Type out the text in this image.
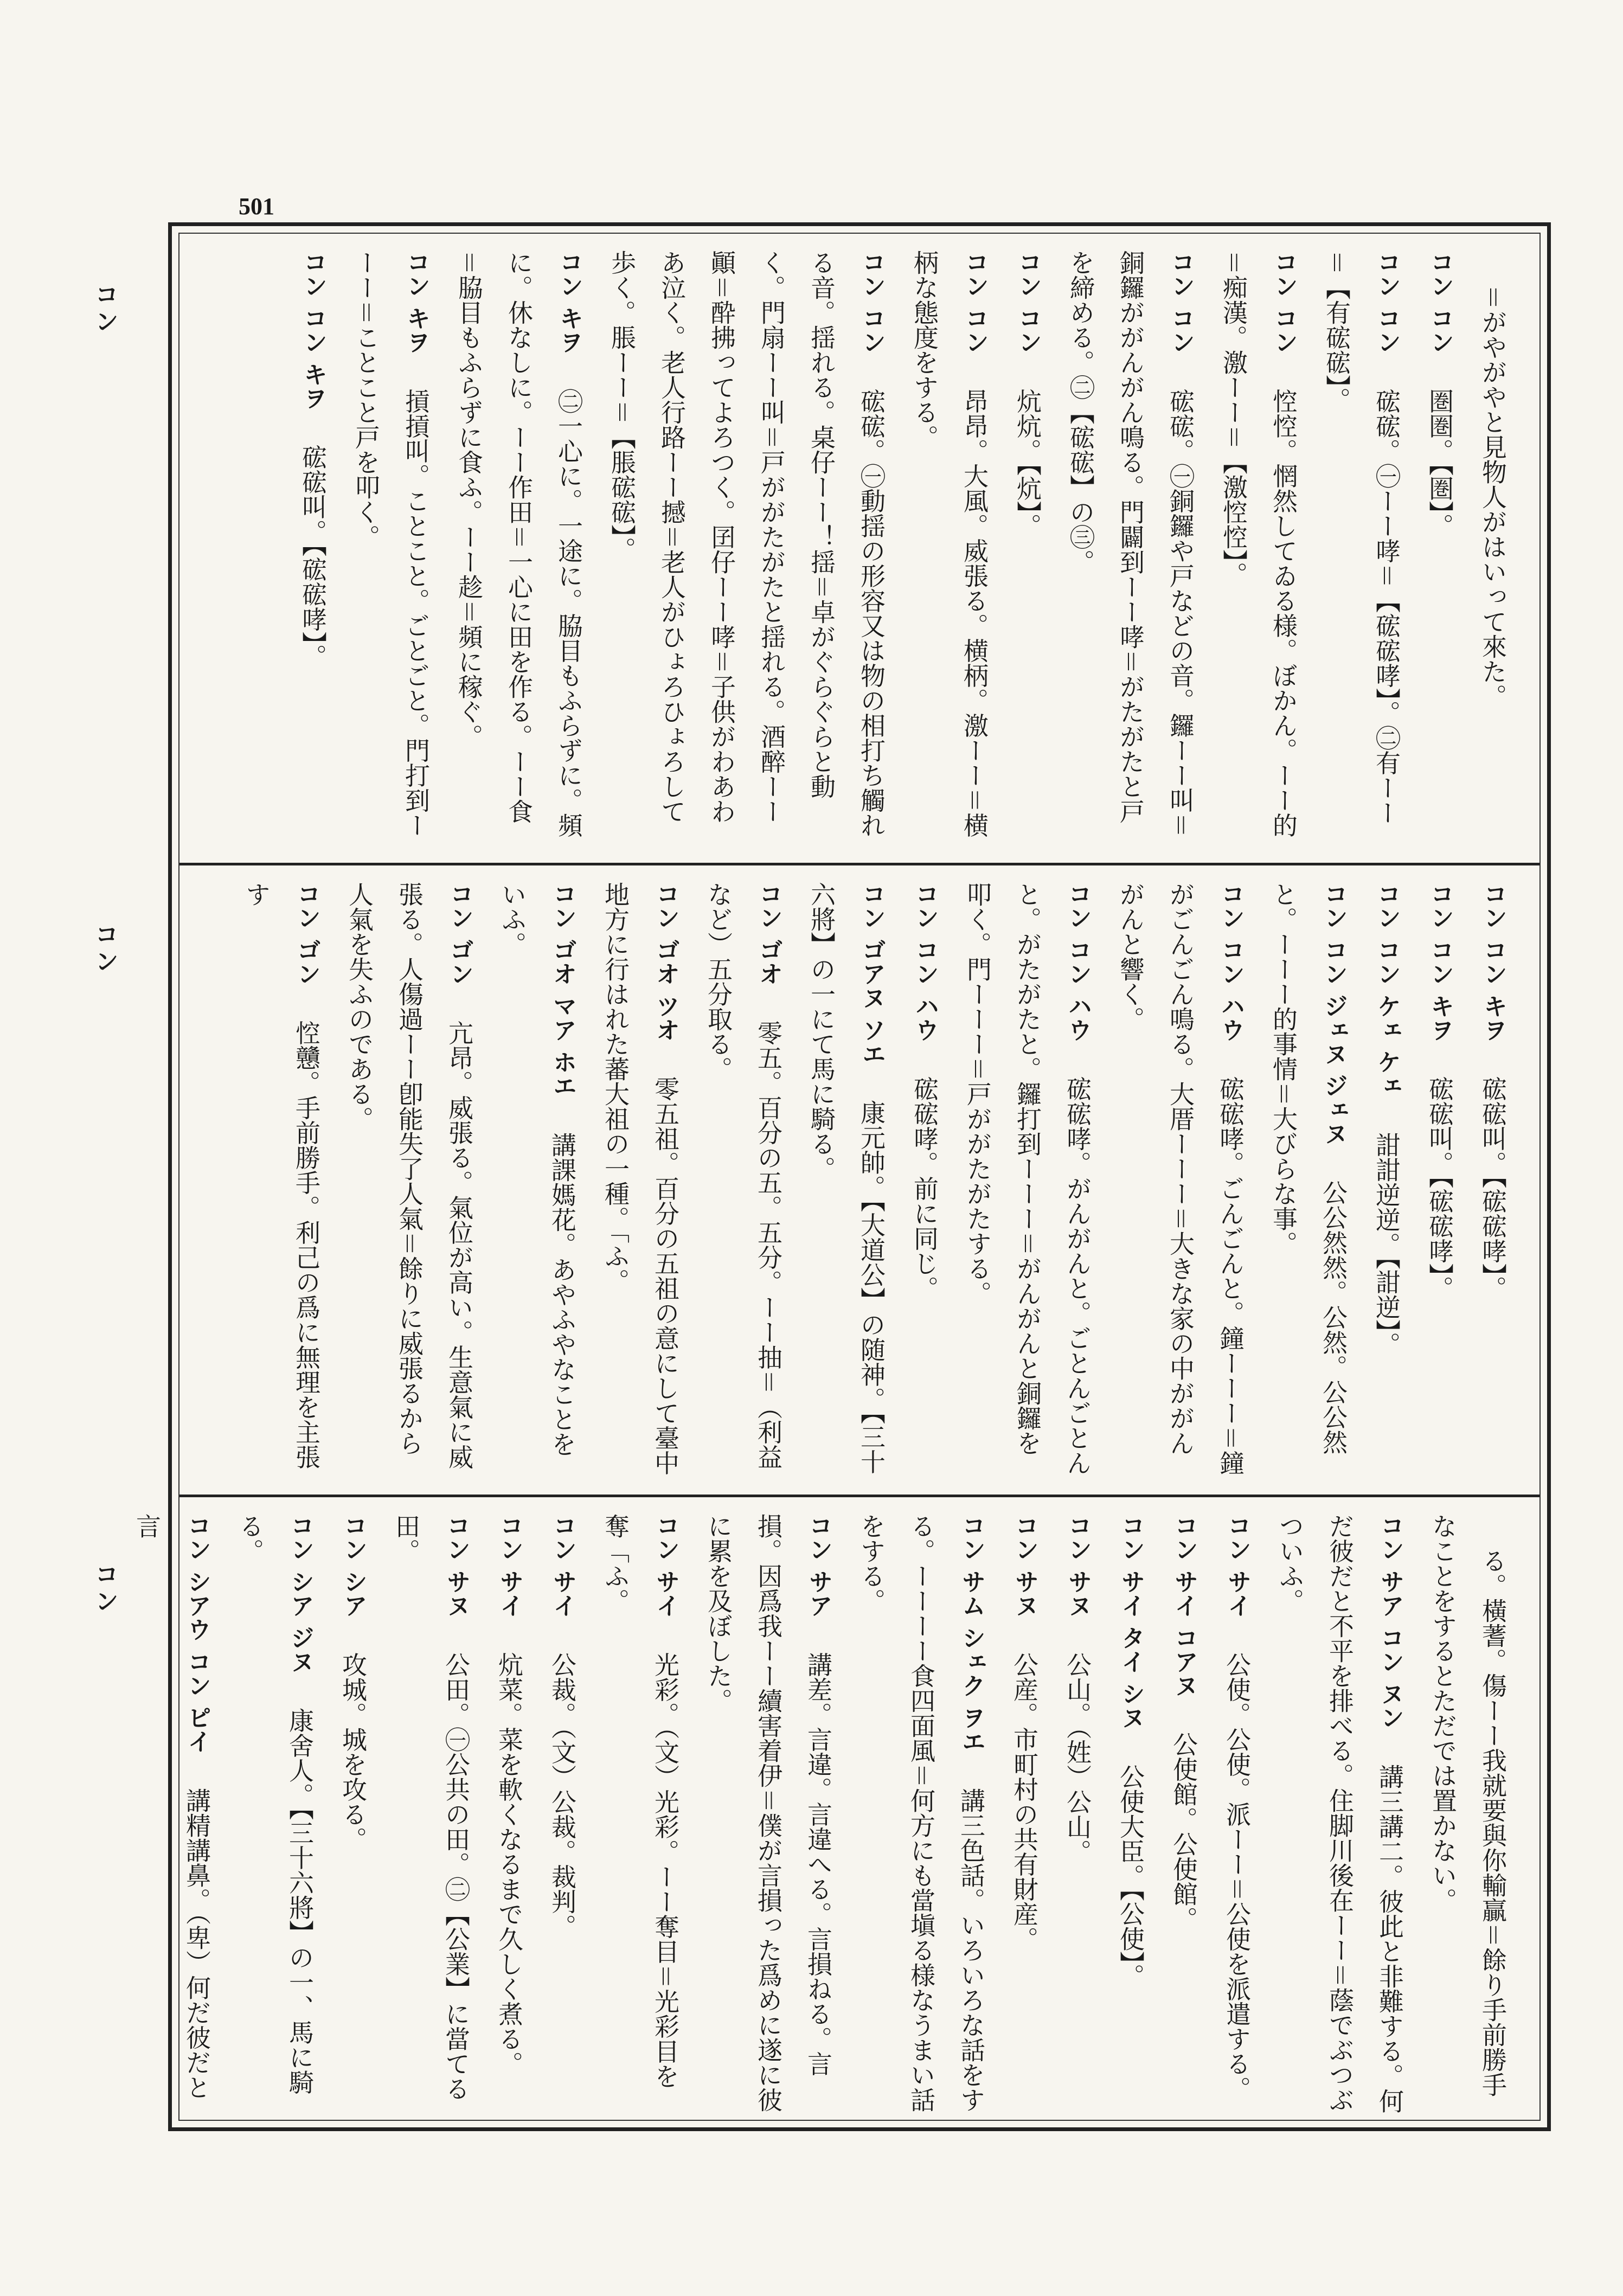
501
コン
コン
コン
　＝がやがやと見物人がはいって來た。
コン コン　圏圏。【圏】。
コン コン　硡硡。㊀ーー哮＝【硡硡哮】。㊁有ーー＝【有硡硡】。
コン コン　悾悾。惘然してゐる様。ぼかん。ーー的＝痴漢。激ーー＝【激悾悾】。
コン コン　硡硡。㊀銅鑼や戸などの音。鑼ーー叫＝銅鑼ががんがん鳴る。門闢到ーー哮＝がたがたと戸を締める。㊁【硡硡】の㊂。
コン コン　炕炕。【炕】。
コン コン　昂昂。大風。威張る。横柄。激ーー＝横柄な態度をする。
コン コン　硡硡。㊀動揺の形容又は物の相打ち觸れる音。揺れる。桌仔ーー！揺＝卓がぐらぐらと動く。門扇ーー叫＝戸ががたがたと揺れる。酒醉ーー顚＝酔拂ってよろつく。囝仔ーー哮＝子供がわあわあ泣く。老人行路ーー撼＝老人がひょろひょろして歩く。脹ーー＝【脹硡硡】。
コン キヲ　㊁一心に。一途に。脇目もふらずに。頻に。休なしに。ーー作田＝一心に田を作る。ーー食＝脇目もふらずに食ふ。ーー趁＝頻に稼ぐ。
コン キヲ　摃摃叫。ことこと。ごとごと。門打到ーーー＝ことこと戸を叩く。
コン コン キヲ　硡硡叫。【硡硡哮】。
コン コン キヲ　硡硡叫。【硡硡哮】。
コン コン キヲ　硡硡叫。【硡硡哮】。
コン コン ケェ ケェ　詌詌逆逆。【詌逆】。
コン コン ジェヌ ジェヌ　公公然然。公然。公公然と。ーーー的事情＝大びらな事。
コン コン ハウ　硡硡哮。ごんごんと。鐘ーーー＝鐘がごんごん鳴る。大厝ーーー＝大きな家の中ががんがんと響く。
コン コン ハウ　硡硡哮。がんがんと。ごとんごとんと。がたがたと。鑼打到ーーー＝がんがんと銅鑼を叩く。門ーーー＝戸ががたがたする。
コン コン ハウ　硡硡哮。前に同じ。
コン ゴアヌ ソエ　康元帥。【大道公】の随神。【三十六將】の一にて馬に騎る。
コン ゴオ　零五。百分の五。五分。ーー抽＝（利益など）五分取る。
コン ゴオ ツオ　零五祖。百分の五祖の意にして臺中地方に行はれた蕃大祖の一種。「ふ。
コン ゴオ マア ホエ　講課媽花。あやふやなことをいふ。
コン ゴン　亢昂。威張る。氣位が高い。生意氣に威張る。人傷過ーー卽能失了人氣＝餘りに威張るから人氣を失ふのである。
コン ゴン　悾戇。手前勝手。利己の爲に無理を主張す
　る。橫蓍。傷ーー我就要與你輸贏＝餘り手前勝手なことをするとただでは置かない。
コン サア コン ヌン　講三講二。彼此と非難する。何だ彼だと不平を排べる。住脚川後在ーー＝蔭でぶつぶついふ。
コン サイ　公使。公使。派ーー＝公使を派遣する。
コン サイ コアヌ　公使館。公使館。
コン サイ タイ シヌ　公使大臣。【公使】。
コン サヌ　公山。（姓）公山。
コン サヌ　公産。市町村の共有財産。
コン サム シェク ヲエ　講三色話。いろいろな話をする。ーーーー食四面風＝何方にも當塡る様なうまい話をする。
コン サア　講差。言違。言違へる。言損ねる。言損。因爲我ーー續害着伊＝僕が言損った爲めに遂に彼に累を及ぼした。
コン サイ　光彩。（文）光彩。ーー奪目＝光彩目を奪「ふ。
コン サイ　公裁。（文）公裁。裁判。
コン サイ　炕菜。菜を軟くなるまで久しく煮る。
コン サヌ　公田。㊀公共の田。㊁【公業】に當てる田。
コン シア　攻城。城を攻る。
コン シア ジヌ　康舍人。【三十六將】の一、馬に騎る。
コン シアウ コン ピイ　講精講鼻。（卑）何だ彼だと言
